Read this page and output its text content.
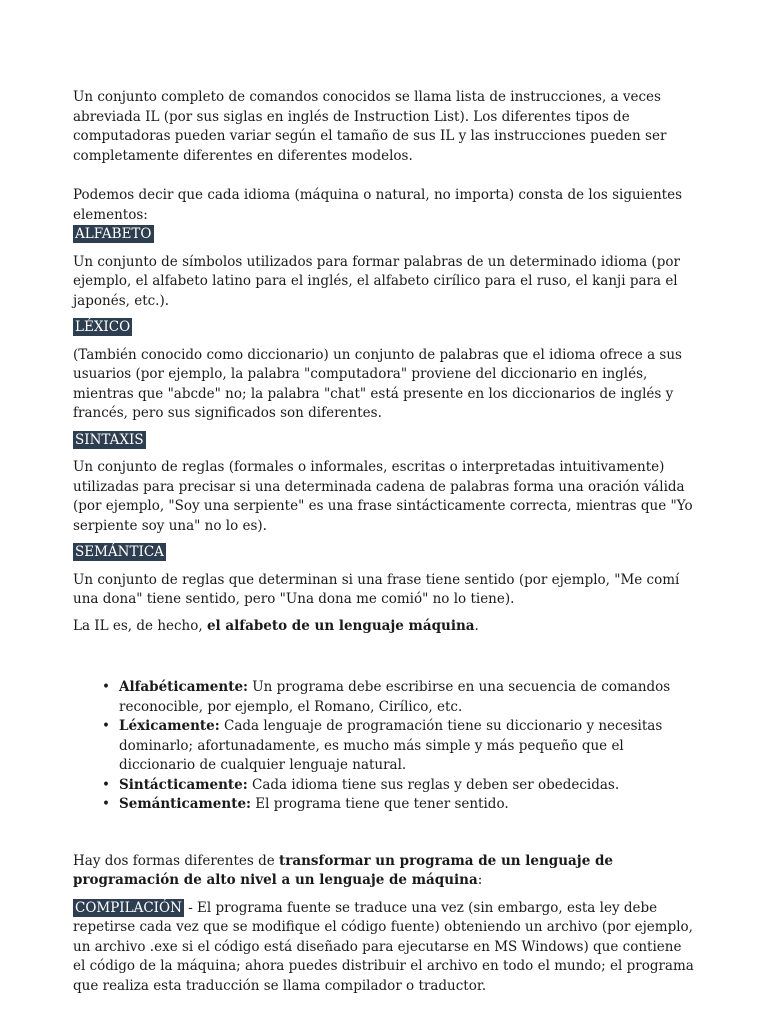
Un conjunto completo de comandos conocidos se llama lista de instrucciones, a veces abreviada IL (por sus siglas en inglés de Instruction List). Los diferentes tipos de computadoras pueden variar según el tamaño de sus IL y las instrucciones pueden ser completamente diferentes en diferentes modelos.

Podemos decir que cada idioma (máquina o natural, no importa) consta de los siguientes elementos:

ALFABETO

Un conjunto de símbolos utilizados para formar palabras de un determinado idioma (por ejemplo, el alfabeto latino para el inglés, el alfabeto cirílico para el ruso, el kanji para el japonés, etc.).

LÉXICO

(También conocido como diccionario) un conjunto de palabras que el idioma ofrece a sus usuarios (por ejemplo, la palabra "computadora" proviene del diccionario en inglés, mientras que "abcde" no; la palabra "chat" está presente en los diccionarios de inglés y francés, pero sus significados son diferentes.

SINTAXIS

Un conjunto de reglas (formales o informales, escritas o interpretadas intuitivamente) utilizadas para precisar si una determinada cadena de palabras forma una oración válida (por ejemplo, "Soy una serpiente" es una frase sintácticamente correcta, mientras que "Yo serpiente soy una" no lo es).

SEMÁNTICA

Un conjunto de reglas que determinan si una frase tiene sentido (por ejemplo, "Me comí una dona" tiene sentido, pero "Una dona me comió" no lo tiene).

La IL es, de hecho, el alfabeto de un lenguaje máquina.

• Alfabéticamente: Un programa debe escribirse en una secuencia de comandos reconocible, por ejemplo, el Romano, Cirílico, etc.
• Léxicamente: Cada lenguaje de programación tiene su diccionario y necesitas dominarlo; afortunadamente, es mucho más simple y más pequeño que el diccionario de cualquier lenguaje natural.
• Sintácticamente: Cada idioma tiene sus reglas y deben ser obedecidas.
• Semánticamente: El programa tiene que tener sentido.

Hay dos formas diferentes de transformar un programa de un lenguaje de programación de alto nivel a un lenguaje de máquina:

COMPILACIÓN - El programa fuente se traduce una vez (sin embargo, esta ley debe repetirse cada vez que se modifique el código fuente) obteniendo un archivo (por ejemplo, un archivo .exe si el código está diseñado para ejecutarse en MS Windows) que contiene el código de la máquina; ahora puedes distribuir el archivo en todo el mundo; el programa que realiza esta traducción se llama compilador o traductor.
